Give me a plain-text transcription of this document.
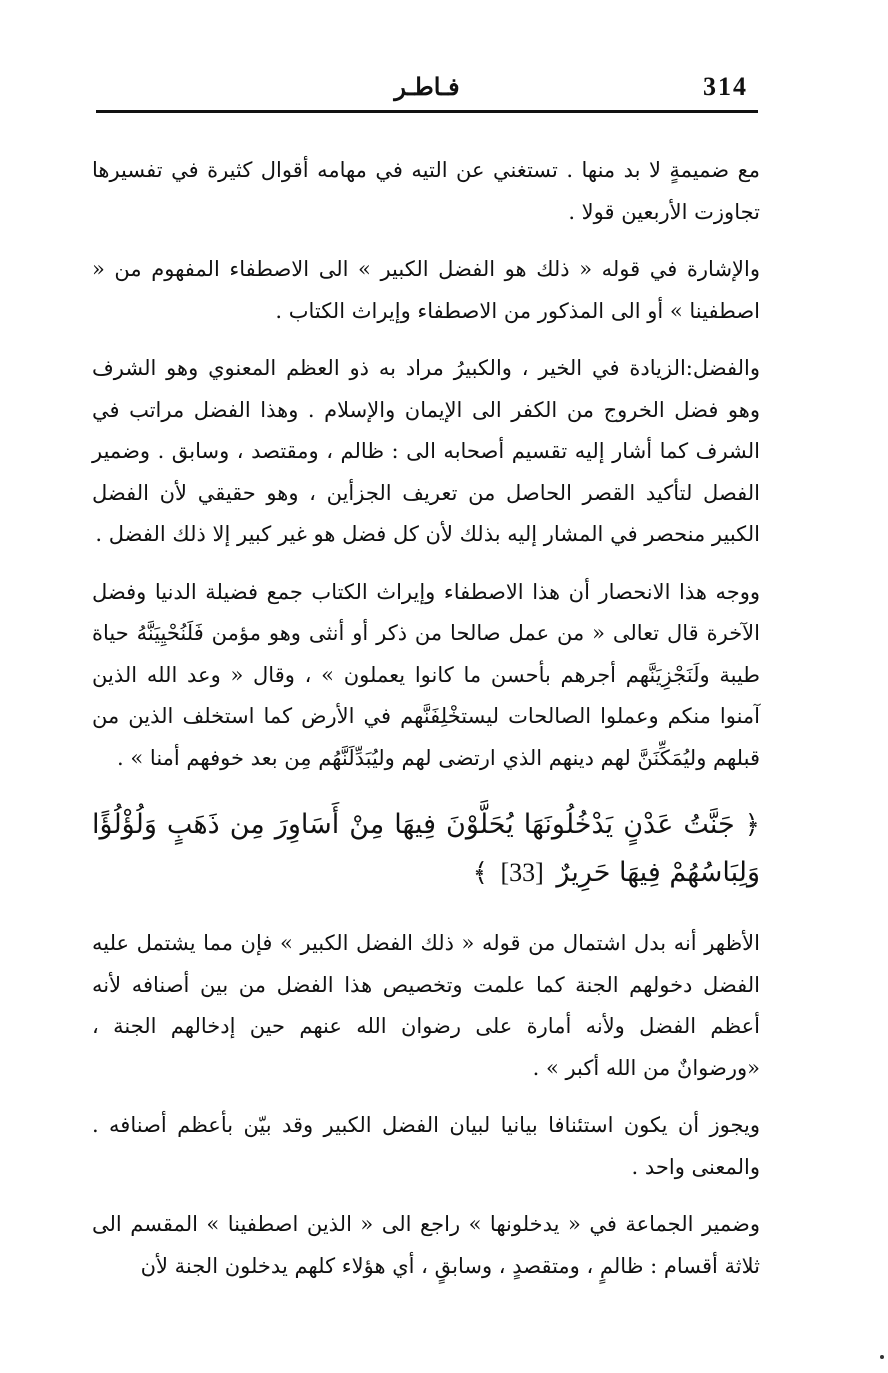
314
فـاطـر

مع ضميمةٍ لا بد منها . تستغني عن التيه في مهامه أقوال كثيرة في تفسيرها تجاوزت الأربعين قولا .

والإشارة في قوله « ذلك هو الفضل الكبير » الى الاصطفاء المفهوم من « اصطفينا » أو الى المذكور من الاصطفاء وإيراث الكتاب .

والفضل:الزيادة في الخير ، والكبيرُ مراد به ذو العظم المعنوي وهو الشرف وهو فضل الخروج من الكفر الى الإيمان والإسلام . وهذا الفضل مراتب في الشرف كما أشار إليه تقسيم أصحابه الى : ظالم ، ومقتصد ، وسابق . وضمير الفصل لتأكيد القصر الحاصل من تعريف الجزأين ، وهو حقيقي لأن الفضل الكبير منحصر في المشار إليه بذلك لأن كل فضل هو غير كبير إلا ذلك الفضل .

ووجه هذا الانحصار أن هذا الاصطفاء وإيراث الكتاب جمع فضيلة الدنيا وفضل الآخرة قال تعالى « من عمل صالحا من ذكر أو أنثى وهو مؤمن فَلَنُحْيِيَنَّهُ حياة طيبة ولَنَجْزِيَنَّهم أجرهم بأحسن ما كانوا يعملون » ، وقال « وعد الله الذين آمنوا منكم وعملوا الصالحات ليستخْلِفَنَّهم في الأرض كما استخلف الذين من قبلهم وليُمَكِّنَنَّ لهم دينهم الذي ارتضى لهم وليُبَدِّلَنَّهُم مِن بعد خوفهم أمنا » .

﴿ جَنَّتُ عَدْنٍ يَدْخُلُونَهَا يُحَلَّوْنَ فِيهَا مِنْ أَسَاوِرَ مِن ذَهَبٍ وَلُؤْلُؤًا وَلِبَاسُهُمْ فِيهَا حَرِيرٌ [33] ﴾

الأظهر أنه بدل اشتمال من قوله « ذلك الفضل الكبير » فإن مما يشتمل عليه الفضل دخولهم الجنة كما علمت وتخصيص هذا الفضل من بين أصنافه لأنه أعظم الفضل ولأنه أمارة على رضوان الله عنهم حين إدخالهم الجنة ، «ورضوانٌ من الله أكبر » .

ويجوز أن يكون استئنافا بيانيا لبيان الفضل الكبير وقد بيّن بأعظم أصنافه . والمعنى واحد .

وضمير الجماعة في « يدخلونها » راجع الى « الذين اصطفينا » المقسم الى ثلاثة أقسام : ظالمٍ ، ومتقصدٍ ، وسابقٍ ، أي هؤلاء كلهم يدخلون الجنة لأن
